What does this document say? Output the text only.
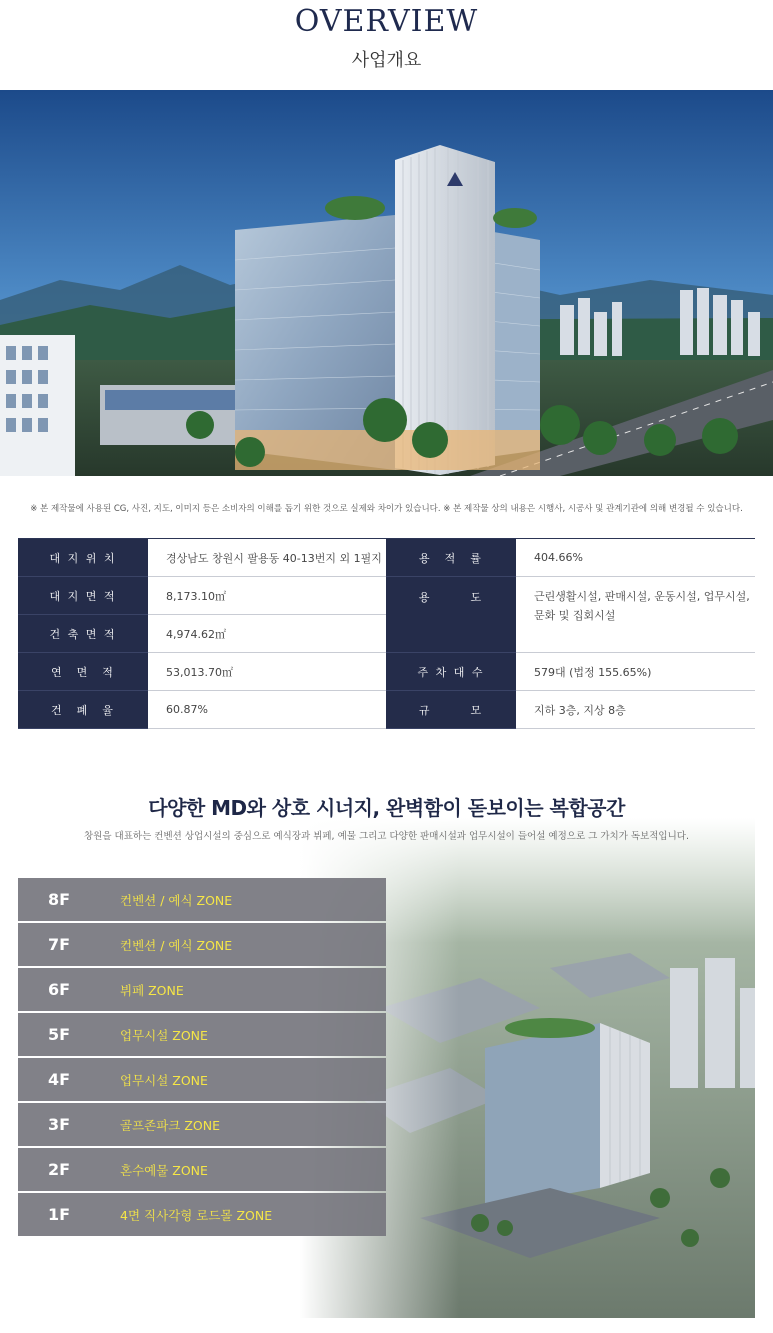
OVERVIEW
사업개요
※ 본 제작물에 사용된 CG, 사진, 지도, 이미지 등은 소비자의 이해를 돕기 위한 것으로 실제와 차이가 있습니다. ※ 본 제작물 상의 내용은 시행사, 시공사 및 관계기관에 의해 변경될 수 있습니다.
대 지 위 치	경상남도 창원시 팔용동 40-13번지 외 1필지	용　적　률	404.66%
대 지 면 적	8,173.10㎡	용　　　도	근린생활시설, 판매시설, 운동시설, 업무시설,
문화 및 집회시설

건 축 면 적	4,974.62㎡		
연　면　적	53,013.70㎡	주 차 대 수	579대 (법정 155.65%)
건　폐　율	60.87%	규　　　모	지하 3층, 지상 8층
다양한 MD와 상호 시너지, 완벽함이 돋보이는 복합공간
창원을 대표하는 컨벤션 상업시설의 중심으로 예식장과 뷔페, 예물 그리고 다양한 판매시설과 업무시설이 들어설 예정으로 그 가치가 독보적입니다.
8F	컨벤션 / 예식 ZONE
7F	컨벤션 / 예식 ZONE
6F	뷔페 ZONE
5F	업무시설 ZONE
4F	업무시설 ZONE
3F	골프존파크 ZONE
2F	혼수예물 ZONE
1F	4면 직사각형 로드몰 ZONE
